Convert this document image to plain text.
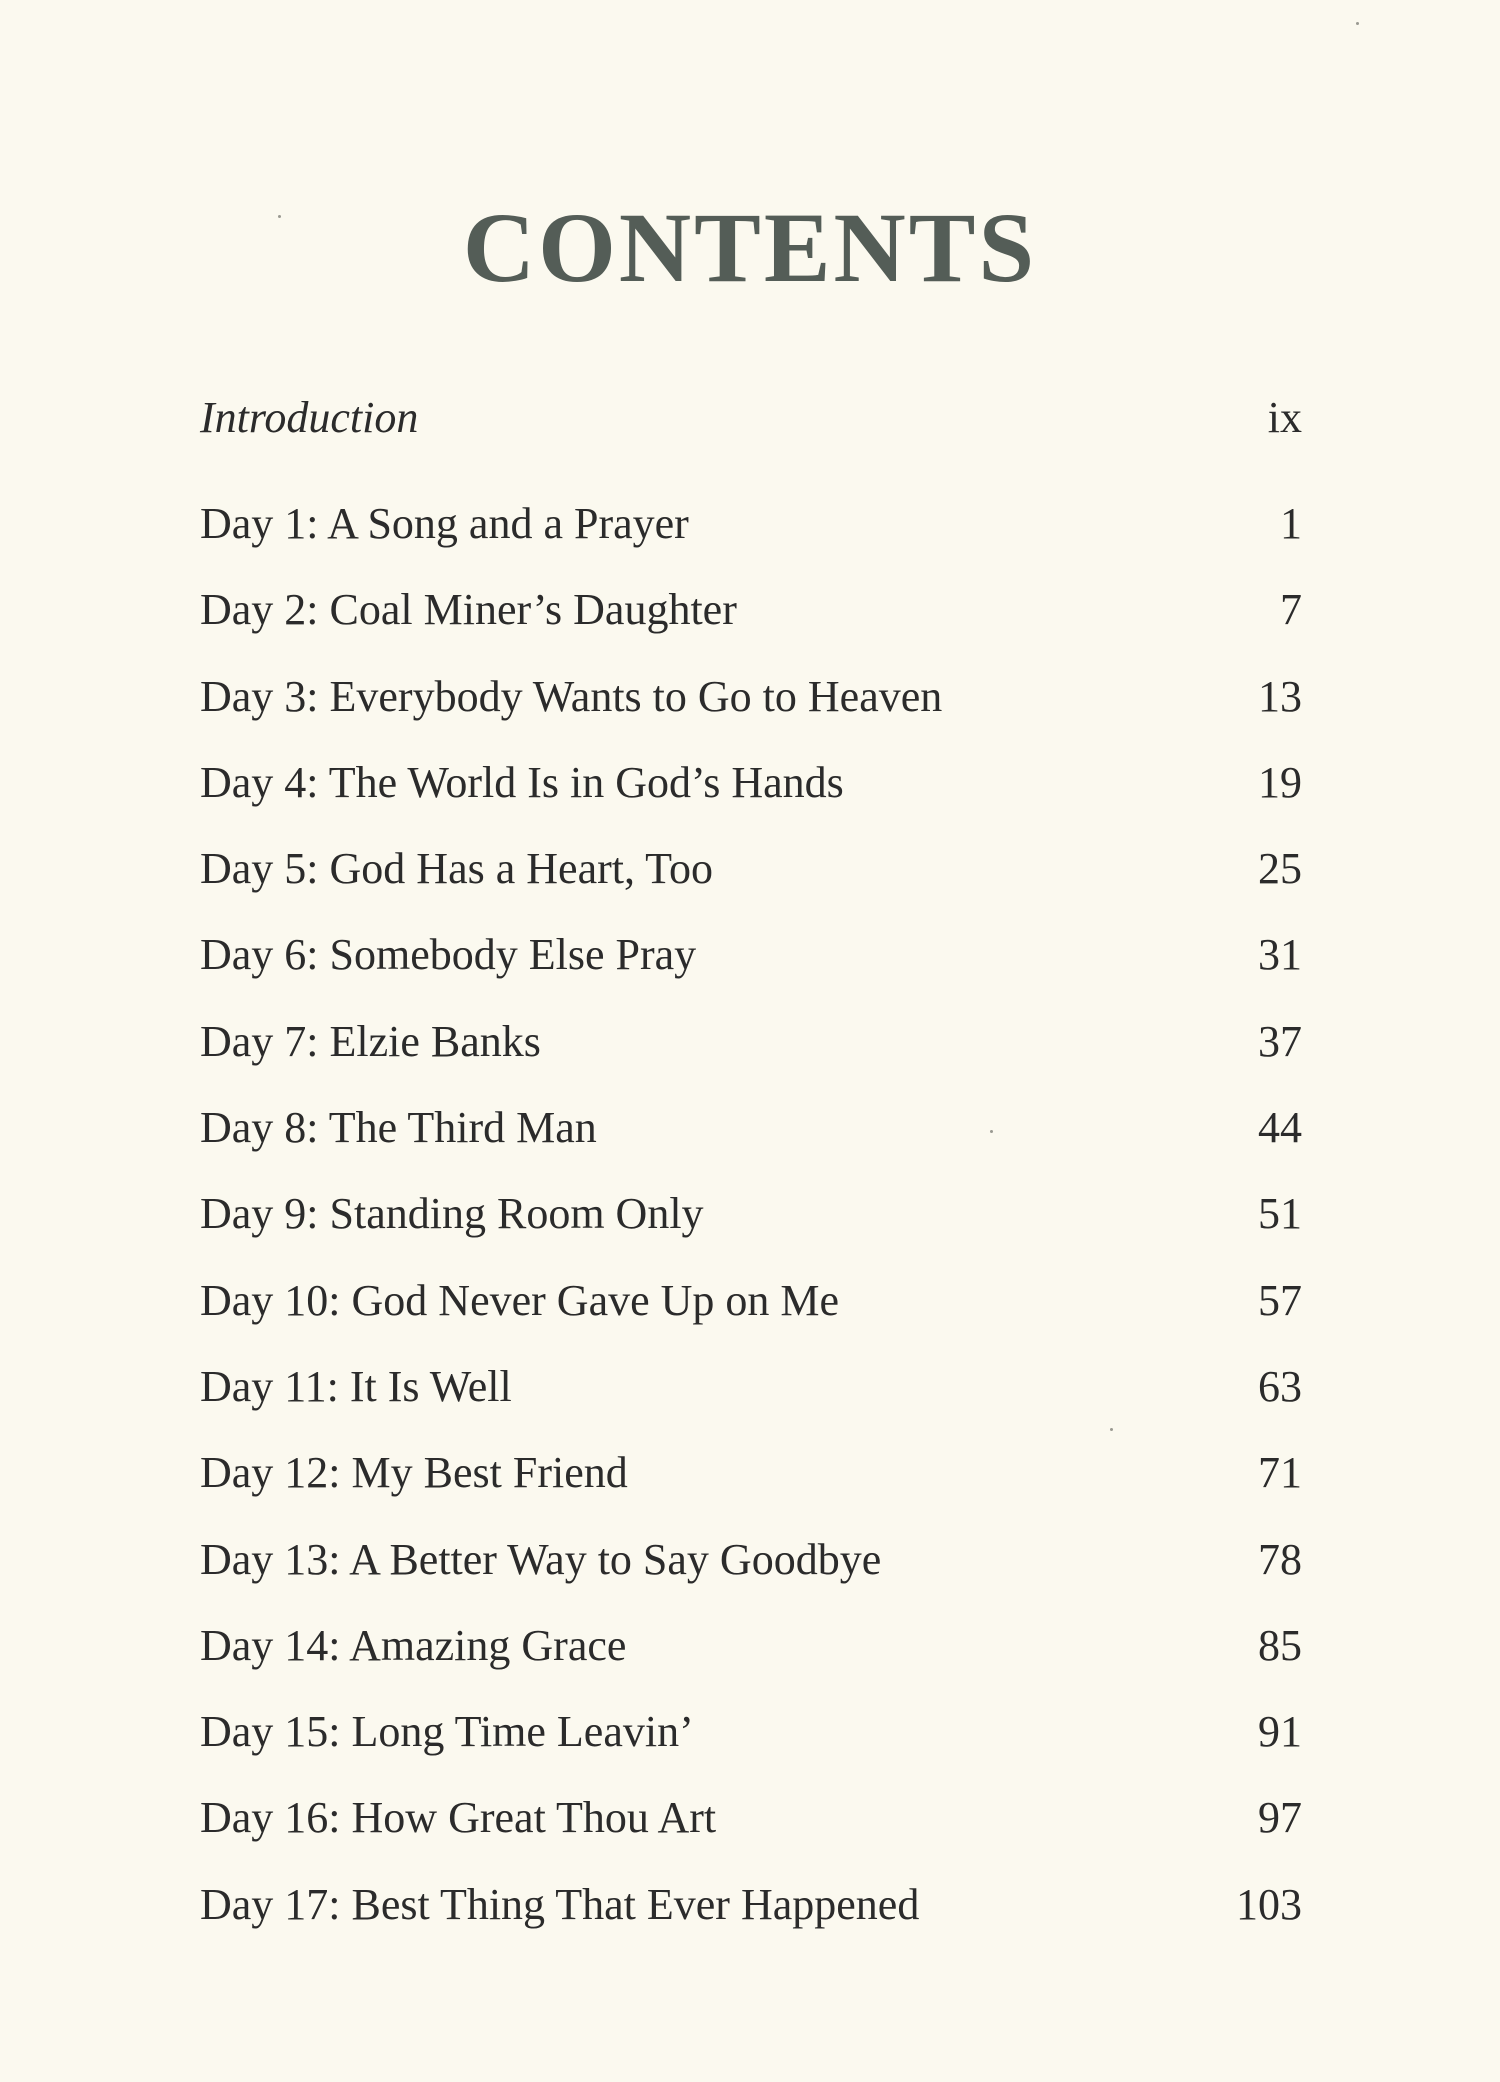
CONTENTS
Introduction	ix
Day 1: A Song and a Prayer	1
Day 2: Coal Miner’s Daughter	7
Day 3: Everybody Wants to Go to Heaven	13
Day 4: The World Is in God’s Hands	19
Day 5: God Has a Heart, Too	25
Day 6: Somebody Else Pray	31
Day 7: Elzie Banks	37
Day 8: The Third Man	44
Day 9: Standing Room Only	51
Day 10: God Never Gave Up on Me	57
Day 11: It Is Well	63
Day 12: My Best Friend	71
Day 13: A Better Way to Say Goodbye	78
Day 14: Amazing Grace	85
Day 15: Long Time Leavin’	91
Day 16: How Great Thou Art	97
Day 17: Best Thing That Ever Happened	103
